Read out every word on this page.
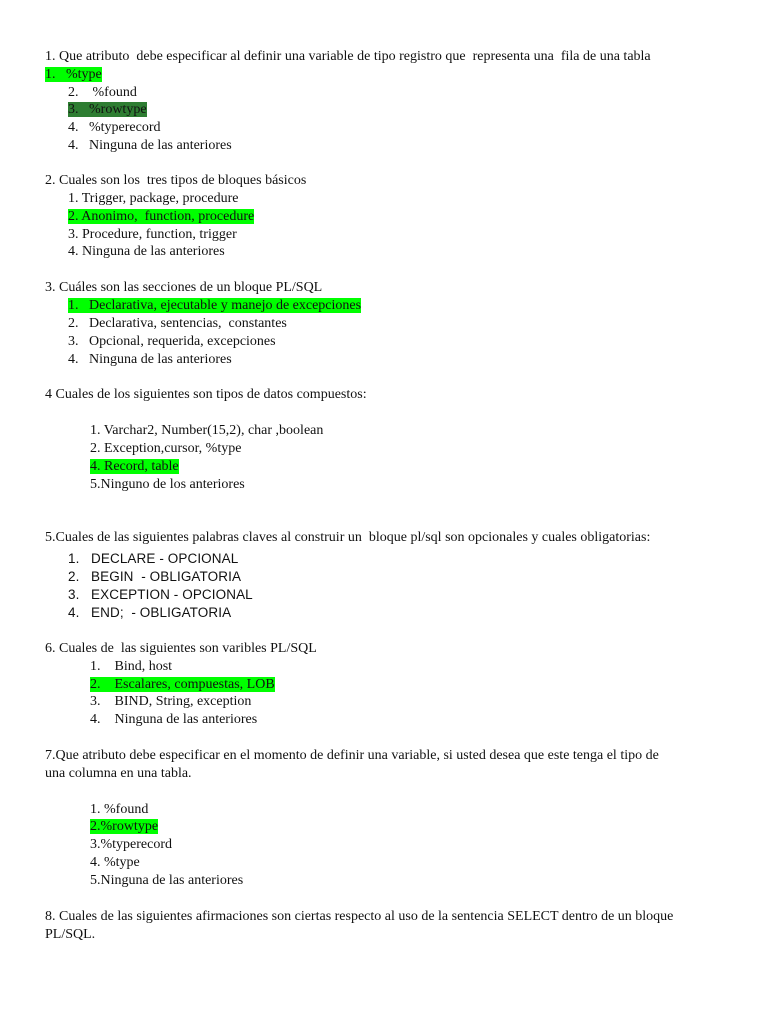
1. Que atributo  debe especificar al definir una variable de tipo registro que  representa una  fila de una tabla
1.   %type
2.    %found
3.   %rowtype
4.   %typerecord
4.   Ninguna de las anteriores
2. Cuales son los  tres tipos de bloques básicos
1. Trigger, package, procedure
2. Anonimo,  function, procedure
3. Procedure, function, trigger
4. Ninguna de las anteriores
3. Cuáles son las secciones de un bloque PL/SQL
1.   Declarativa, ejecutable y manejo de excepciones
2.   Declarativa, sentencias,  constantes
3.   Opcional, requerida, excepciones
4.   Ninguna de las anteriores
4 Cuales de los siguientes son tipos de datos compuestos:
1. Varchar2, Number(15,2), char ,boolean
2. Exception,cursor, %type
4. Record, table
5.Ninguno de los anteriores
5.Cuales de las siguientes palabras claves al construir un  bloque pl/sql son opcionales y cuales obligatorias:
1.   DECLARE - OPCIONAL
2.   BEGIN  - OBLIGATORIA
3.   EXCEPTION - OPCIONAL
4.   END;  - OBLIGATORIA
6. Cuales de  las siguientes son varibles PL/SQL
1.    Bind, host
2.    Escalares, compuestas, LOB
3.    BIND, String, exception
4.    Ninguna de las anteriores
7.Que atributo debe especificar en el momento de definir una variable, si usted desea que este tenga el tipo de
una columna en una tabla.
1. %found
2.%rowtype
3.%typerecord
4. %type
5.Ninguna de las anteriores
8. Cuales de las siguientes afirmaciones son ciertas respecto al uso de la sentencia SELECT dentro de un bloque
PL/SQL.
